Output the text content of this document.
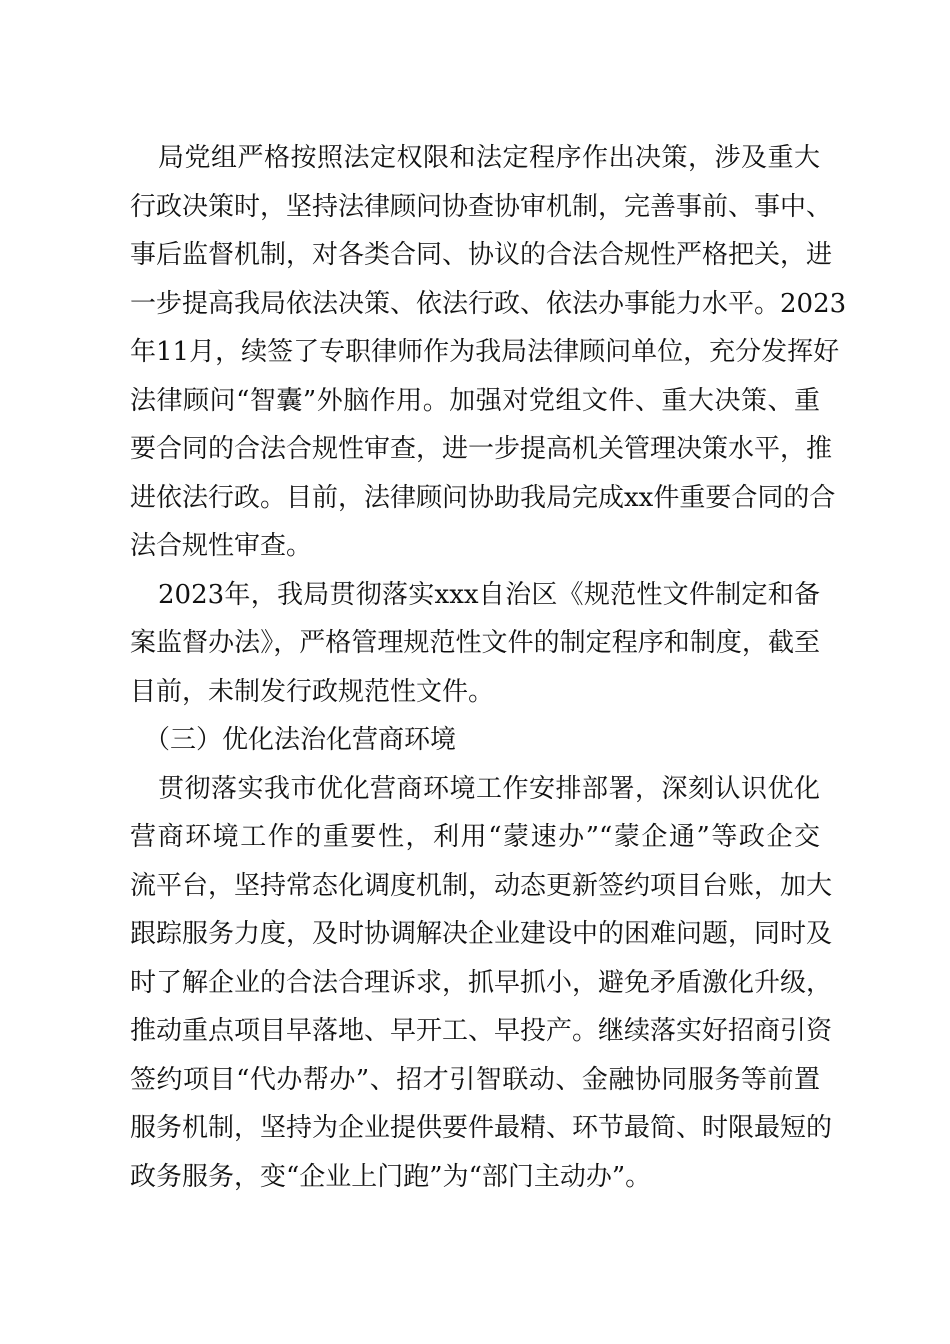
局党组严格按照法定权限和法定程序作出决策，涉及重大
行政决策时，坚持法律顾问协查协审机制，完善事前、事中、
事后监督机制，对各类合同、协议的合法合规性严格把关，进
一步提高我局依法决策、依法行政、依法办事能力水平。2023
年11月，续签了专职律师作为我局法律顾问单位，充分发挥好
法律顾问“智囊”外脑作用。加强对党组文件、重大决策、重
要合同的合法合规性审查，进一步提高机关管理决策水平，推
进依法行政。目前，法律顾问协助我局完成xx件重要合同的合
法合规性审查。
2023年，我局贯彻落实xxx自治区《规范性文件制定和备
案监督办法》，严格管理规范性文件的制定程序和制度，截至
目前，未制发行政规范性文件。
（三）优化法治化营商环境
贯彻落实我市优化营商环境工作安排部署，深刻认识优化
营商环境工作的重要性，利用“蒙速办”“蒙企通”等政企交
流平台，坚持常态化调度机制，动态更新签约项目台账，加大
跟踪服务力度，及时协调解决企业建设中的困难问题，同时及
时了解企业的合法合理诉求，抓早抓小，避免矛盾激化升级，
推动重点项目早落地、早开工、早投产。继续落实好招商引资
签约项目“代办帮办”、招才引智联动、金融协同服务等前置
服务机制，坚持为企业提供要件最精、环节最简、时限最短的
政务服务，变“企业上门跑”为“部门主动办”。
